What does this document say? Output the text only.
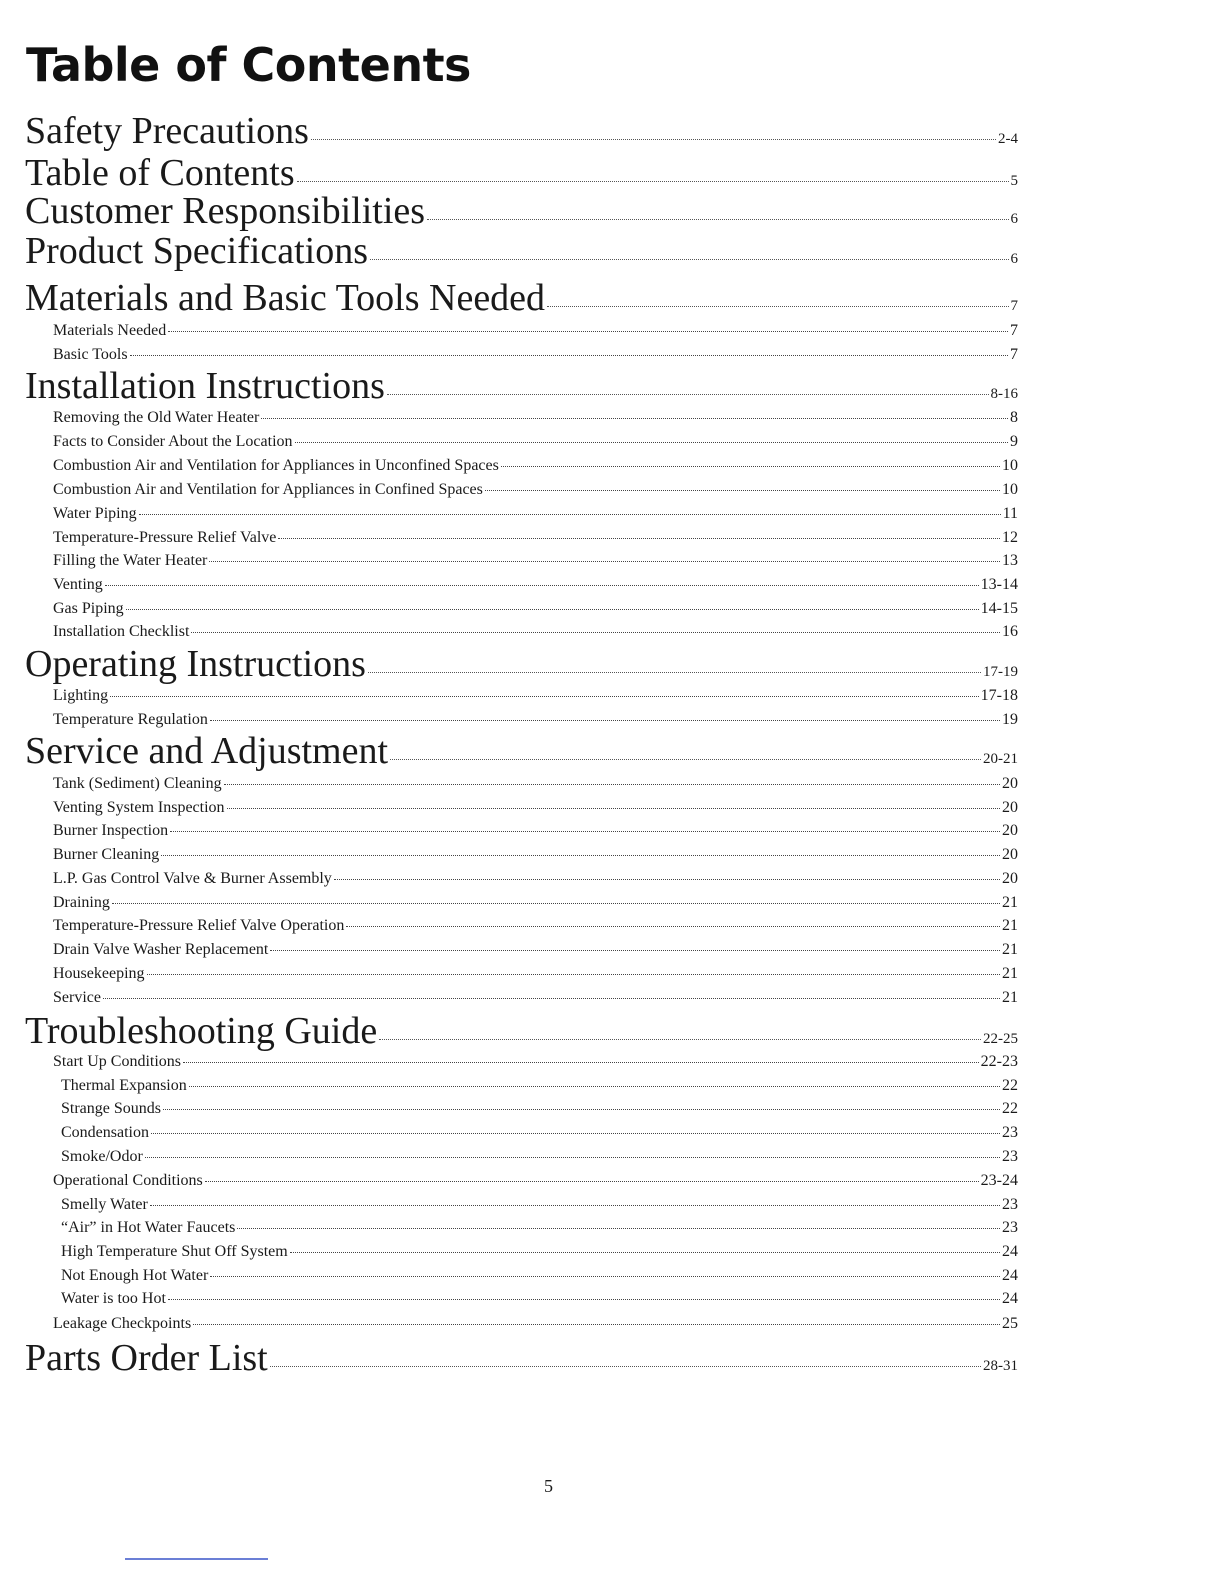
Table of Contents
Safety Precautions	2-4
Table of Contents	5
Customer Responsibilities	6
Product Specifications	6
Materials and Basic Tools Needed	7
Materials Needed	7
Basic Tools	7
Installation Instructions	8-16
Removing the Old Water Heater	8
Facts to Consider About the Location	9
Combustion Air and Ventilation for Appliances in Unconfined Spaces	10
Combustion Air and Ventilation for Appliances in Confined Spaces	10
Water Piping	11
Temperature-Pressure Relief Valve	12
Filling the Water Heater	13
Venting	13-14
Gas Piping	14-15
Installation Checklist	16
Operating Instructions	17-19
Lighting	17-18
Temperature Regulation	19
Service and Adjustment	20-21
Tank (Sediment) Cleaning	20
Venting System Inspection	20
Burner Inspection	20
Burner Cleaning	20
L.P. Gas Control Valve & Burner Assembly	20
Draining	21
Temperature-Pressure Relief Valve Operation	21
Drain Valve Washer Replacement	21
Housekeeping	21
Service	21
Troubleshooting Guide	22-25
Start Up Conditions	22-23
Thermal Expansion	22
Strange Sounds	22
Condensation	23
Smoke/Odor	23
Operational Conditions	23-24
Smelly Water	23
“Air” in Hot Water Faucets	23
High Temperature Shut Off System	24
Not Enough Hot Water	24
Water is too Hot	24
Leakage Checkpoints	25
Parts Order List	28-31
5
